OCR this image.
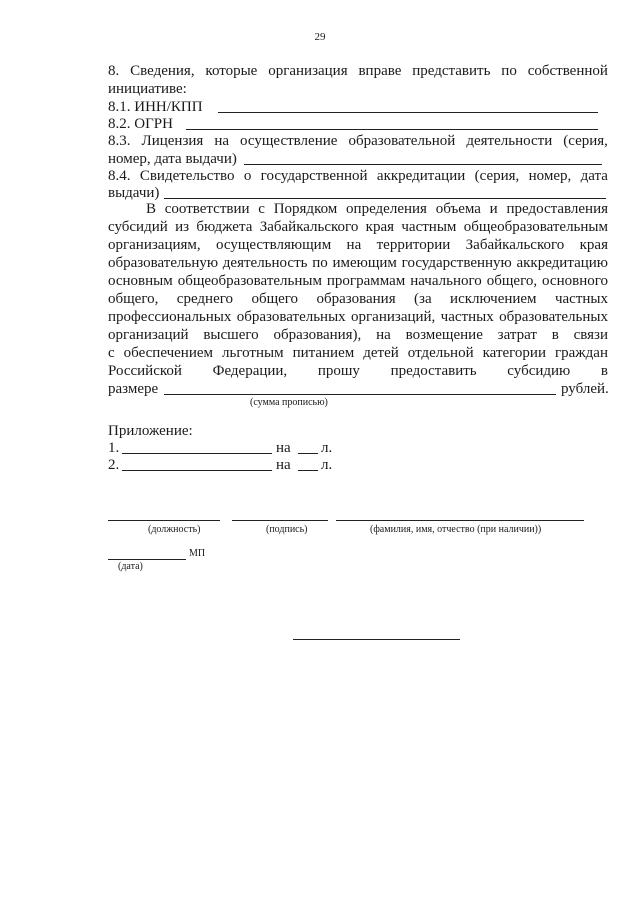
29
8. Сведения, которые организация вправе представить по собственной
инициативе:
8.1. ИНН/КПП
8.2. ОГРН
8.3. Лицензия на осуществление образовательной деятельности (серия,
номер, дата выдачи)
8.4. Свидетельство о государственной аккредитации (серия, номер, дата
выдачи)
В соответствии с Порядком определения объема и предоставления
субсидий из бюджета Забайкальского края частным общеобразовательным
организациям, осуществляющим на территории Забайкальского края
образовательную деятельность по имеющим государственную аккредитацию
основным общеобразовательным программам начального общего, основного
общего, среднего общего образования (за исключением частных
профессиональных образовательных организаций, частных образовательных
организаций высшего образования), на возмещение затрат в связи
с обеспечением льготным питанием детей отдельной категории граждан
Российской Федерации, прошу предоставить субсидию в
размере	рублей.
(сумма прописью)
Приложение:
1.	на л.
2.	на л.
(должность)	(подпись)	(фамилия, имя, отчество (при наличии))
МП
(дата)
